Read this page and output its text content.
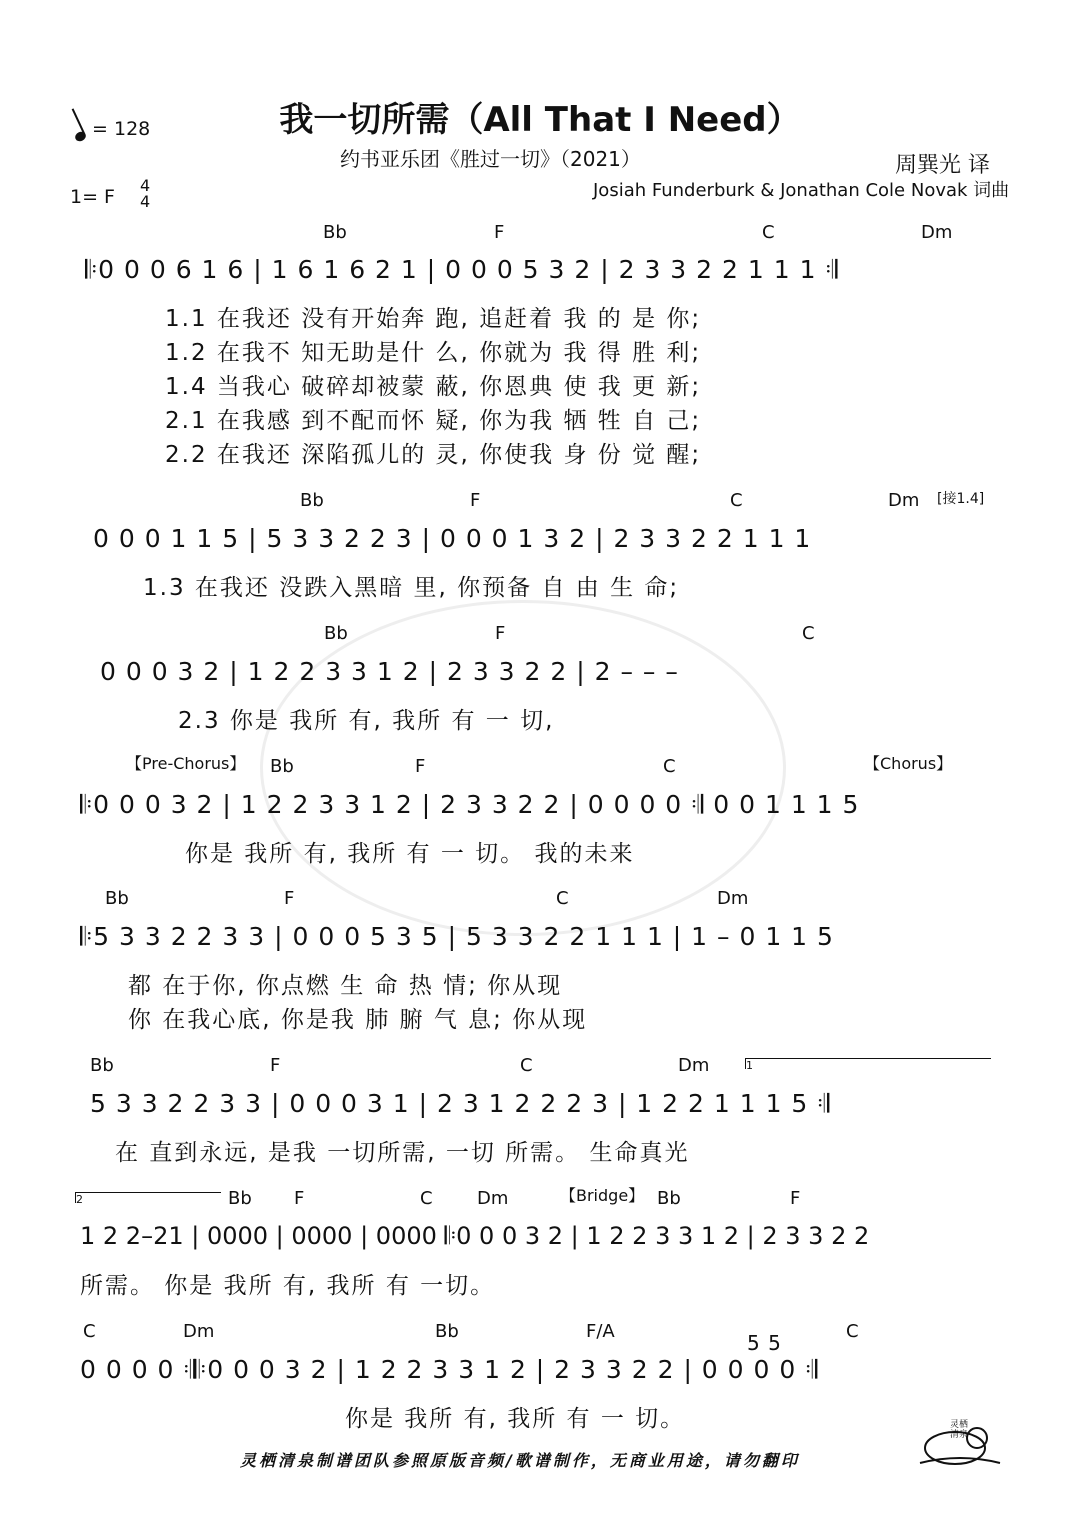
我一切所需（All That I Need）
= 128
1= F
4
4
约书亚乐团《胜过一切》（2021）	周巽光 译
Josiah Funderburk & Jonathan Cole Novak 词曲
Bb	F	C	Dm
𝄆0 0 0 6 1 6 | 1 6 1 6 2 1 | 0 0 0 5 3 2 | 2 3 3 2 2 1 1 1 𝄇
1.1 在我还 没有开始奔 跑, 追赶着 我 的 是 你;
1.2 在我不 知无助是什 么, 你就为 我 得 胜 利;
1.4 当我心 破碎却被蒙 蔽, 你恩典 使 我 更 新;
2.1 在我感 到不配而怀 疑, 你为我 牺 牲 自 己;
2.2 在我还 深陷孤儿的 灵, 你使我 身 份 觉 醒;
Bb	F	C	Dm [接1.4]
0 0 0 1 1 5 | 5 3 3 2 2 3 | 0 0 0 1 3 2 | 2 3 3 2 2 1 1 1
1.3 在我还 没跌入黑暗 里, 你预备 自 由 生 命;
Bb	F	C
0 0 0 3 2 | 1 2 2 3 3 1 2 | 2 3 3 2 2 | 2 – – –
2.3 你是 我所 有, 我所 有 一 切,
【Pre-Chorus】	【Chorus】
Bb	F	C
𝄆0 0 0 3 2 | 1 2 2 3 3 1 2 | 2 3 3 2 2 | 0 0 0 0 𝄇 0 0 1 1 1 5
你是 我所 有, 我所 有 一 切。 我的未来
Bb	F	C	Dm
𝄆5 3 3 2 2 3 3 | 0 0 0 5 3 5 | 5 3 3 2 2 1 1 1 | 1 – 0 1 1 5
都 在于你, 你点燃 生 命 热 情; 你从现
你 在我心底, 你是我 肺 腑 气 息; 你从现
1
Bb	F	C	Dm
5 3 3 2 2 3 3 | 0 0 0 3 1 | 2 3 1 2 2 2 3 | 1 2 2 1 1 1 5 𝄇
在 直到永远, 是我 一切所需, 一切 所需。 生命真光
2	【Bridge】
Bb F	C Dm	Bb	F
1 2 2–21 | 0000 | 0000 | 0000 𝄆0 0 0 3 2 | 1 2 2 3 3 1 2 | 2 3 3 2 2
所需。 你是 我所 有, 我所 有 一切。
C	Dm	Bb	F/A	C
5 5
0 0 0 0 𝄇𝄆0 0 0 3 2 | 1 2 2 3 3 1 2 | 2 3 3 2 2 | 0 0 0 0 𝄇
你是 我所 有, 我所 有 一 切。
灵栖清泉制谱团队参照原版音频/歌谱制作，无商业用途，请勿翻印
灵栖清泉
